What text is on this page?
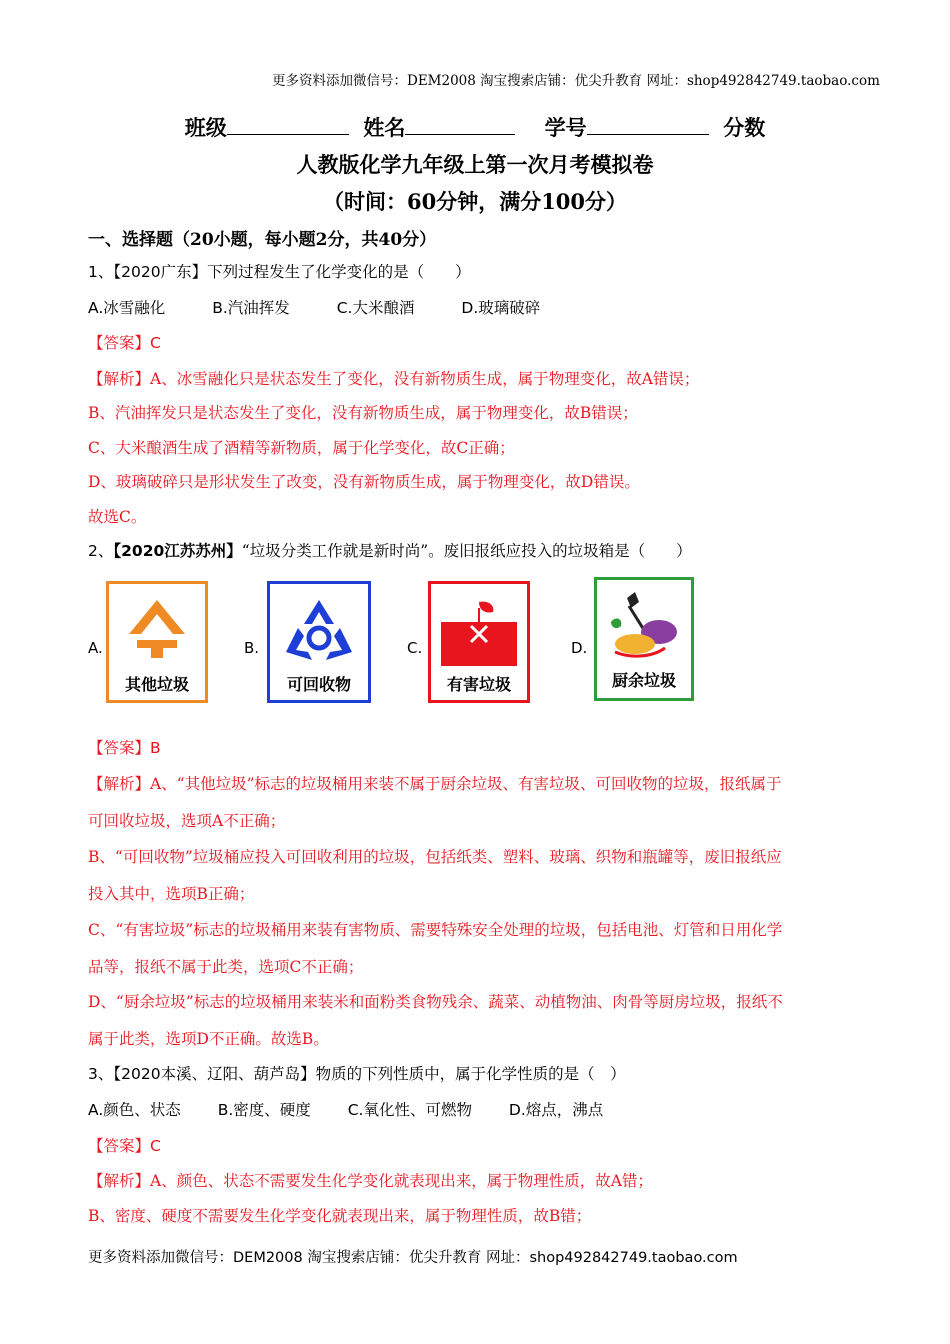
更多资料添加微信号：DEM2008 淘宝搜索店铺：优尖升教育 网址：shop492842749.taobao.com
班级	姓名	学号	分数
人教版化学九年级上第一次月考模拟卷
（时间：60分钟，满分100分）
一、选择题（20小题，每小题2分，共40分）
1、【2020广东】下列过程发生了化学变化的是（　　）
A.冰雪融化	B.汽油挥发	C.大米酿酒	D.玻璃破碎
【答案】C
【解析】A、冰雪融化只是状态发生了变化，没有新物质生成，属于物理变化，故A错误；
B、汽油挥发只是状态发生了变化，没有新物质生成，属于物理变化，故B错误；
C、大米酿酒生成了酒精等新物质，属于化学变化，故C正确；
D、玻璃破碎只是形状发生了改变，没有新物质生成，属于物理变化，故D错误。
故选C。
2、【2020江苏苏州】“垃圾分类工作就是新时尚”。废旧报纸应投入的垃圾箱是（　　）
A.	B.	C.	D.
其他垃圾	可回收物	有害垃圾	厨余垃圾
【答案】B
【解析】A、“其他垃圾”标志的垃圾桶用来装不属于厨余垃圾、有害垃圾、可回收物的垃圾，报纸属于
可回收垃圾，选项A不正确；
B、“可回收物”垃圾桶应投入可回收利用的垃圾，包括纸类、塑料、玻璃、织物和瓶罐等，废旧报纸应
投入其中，选项B正确；
C、“有害垃圾”标志的垃圾桶用来装有害物质、需要特殊安全处理的垃圾，包括电池、灯管和日用化学
品等，报纸不属于此类，选项C不正确；
D、“厨余垃圾”标志的垃圾桶用来装米和面粉类食物残余、蔬菜、动植物油、肉骨等厨房垃圾，报纸不
属于此类，选项D不正确。故选B。
3、【2020本溪、辽阳、葫芦岛】物质的下列性质中，属于化学性质的是（　）
A.颜色、状态 B.密度、硬度 C.氧化性、可燃物 D.熔点，沸点
【答案】C
【解析】A、颜色、状态不需要发生化学变化就表现出来，属于物理性质，故A错；
B、密度、硬度不需要发生化学变化就表现出来，属于物理性质，故B错；
更多资料添加微信号：DEM2008 淘宝搜索店铺：优尖升教育 网址：shop492842749.taobao.com
